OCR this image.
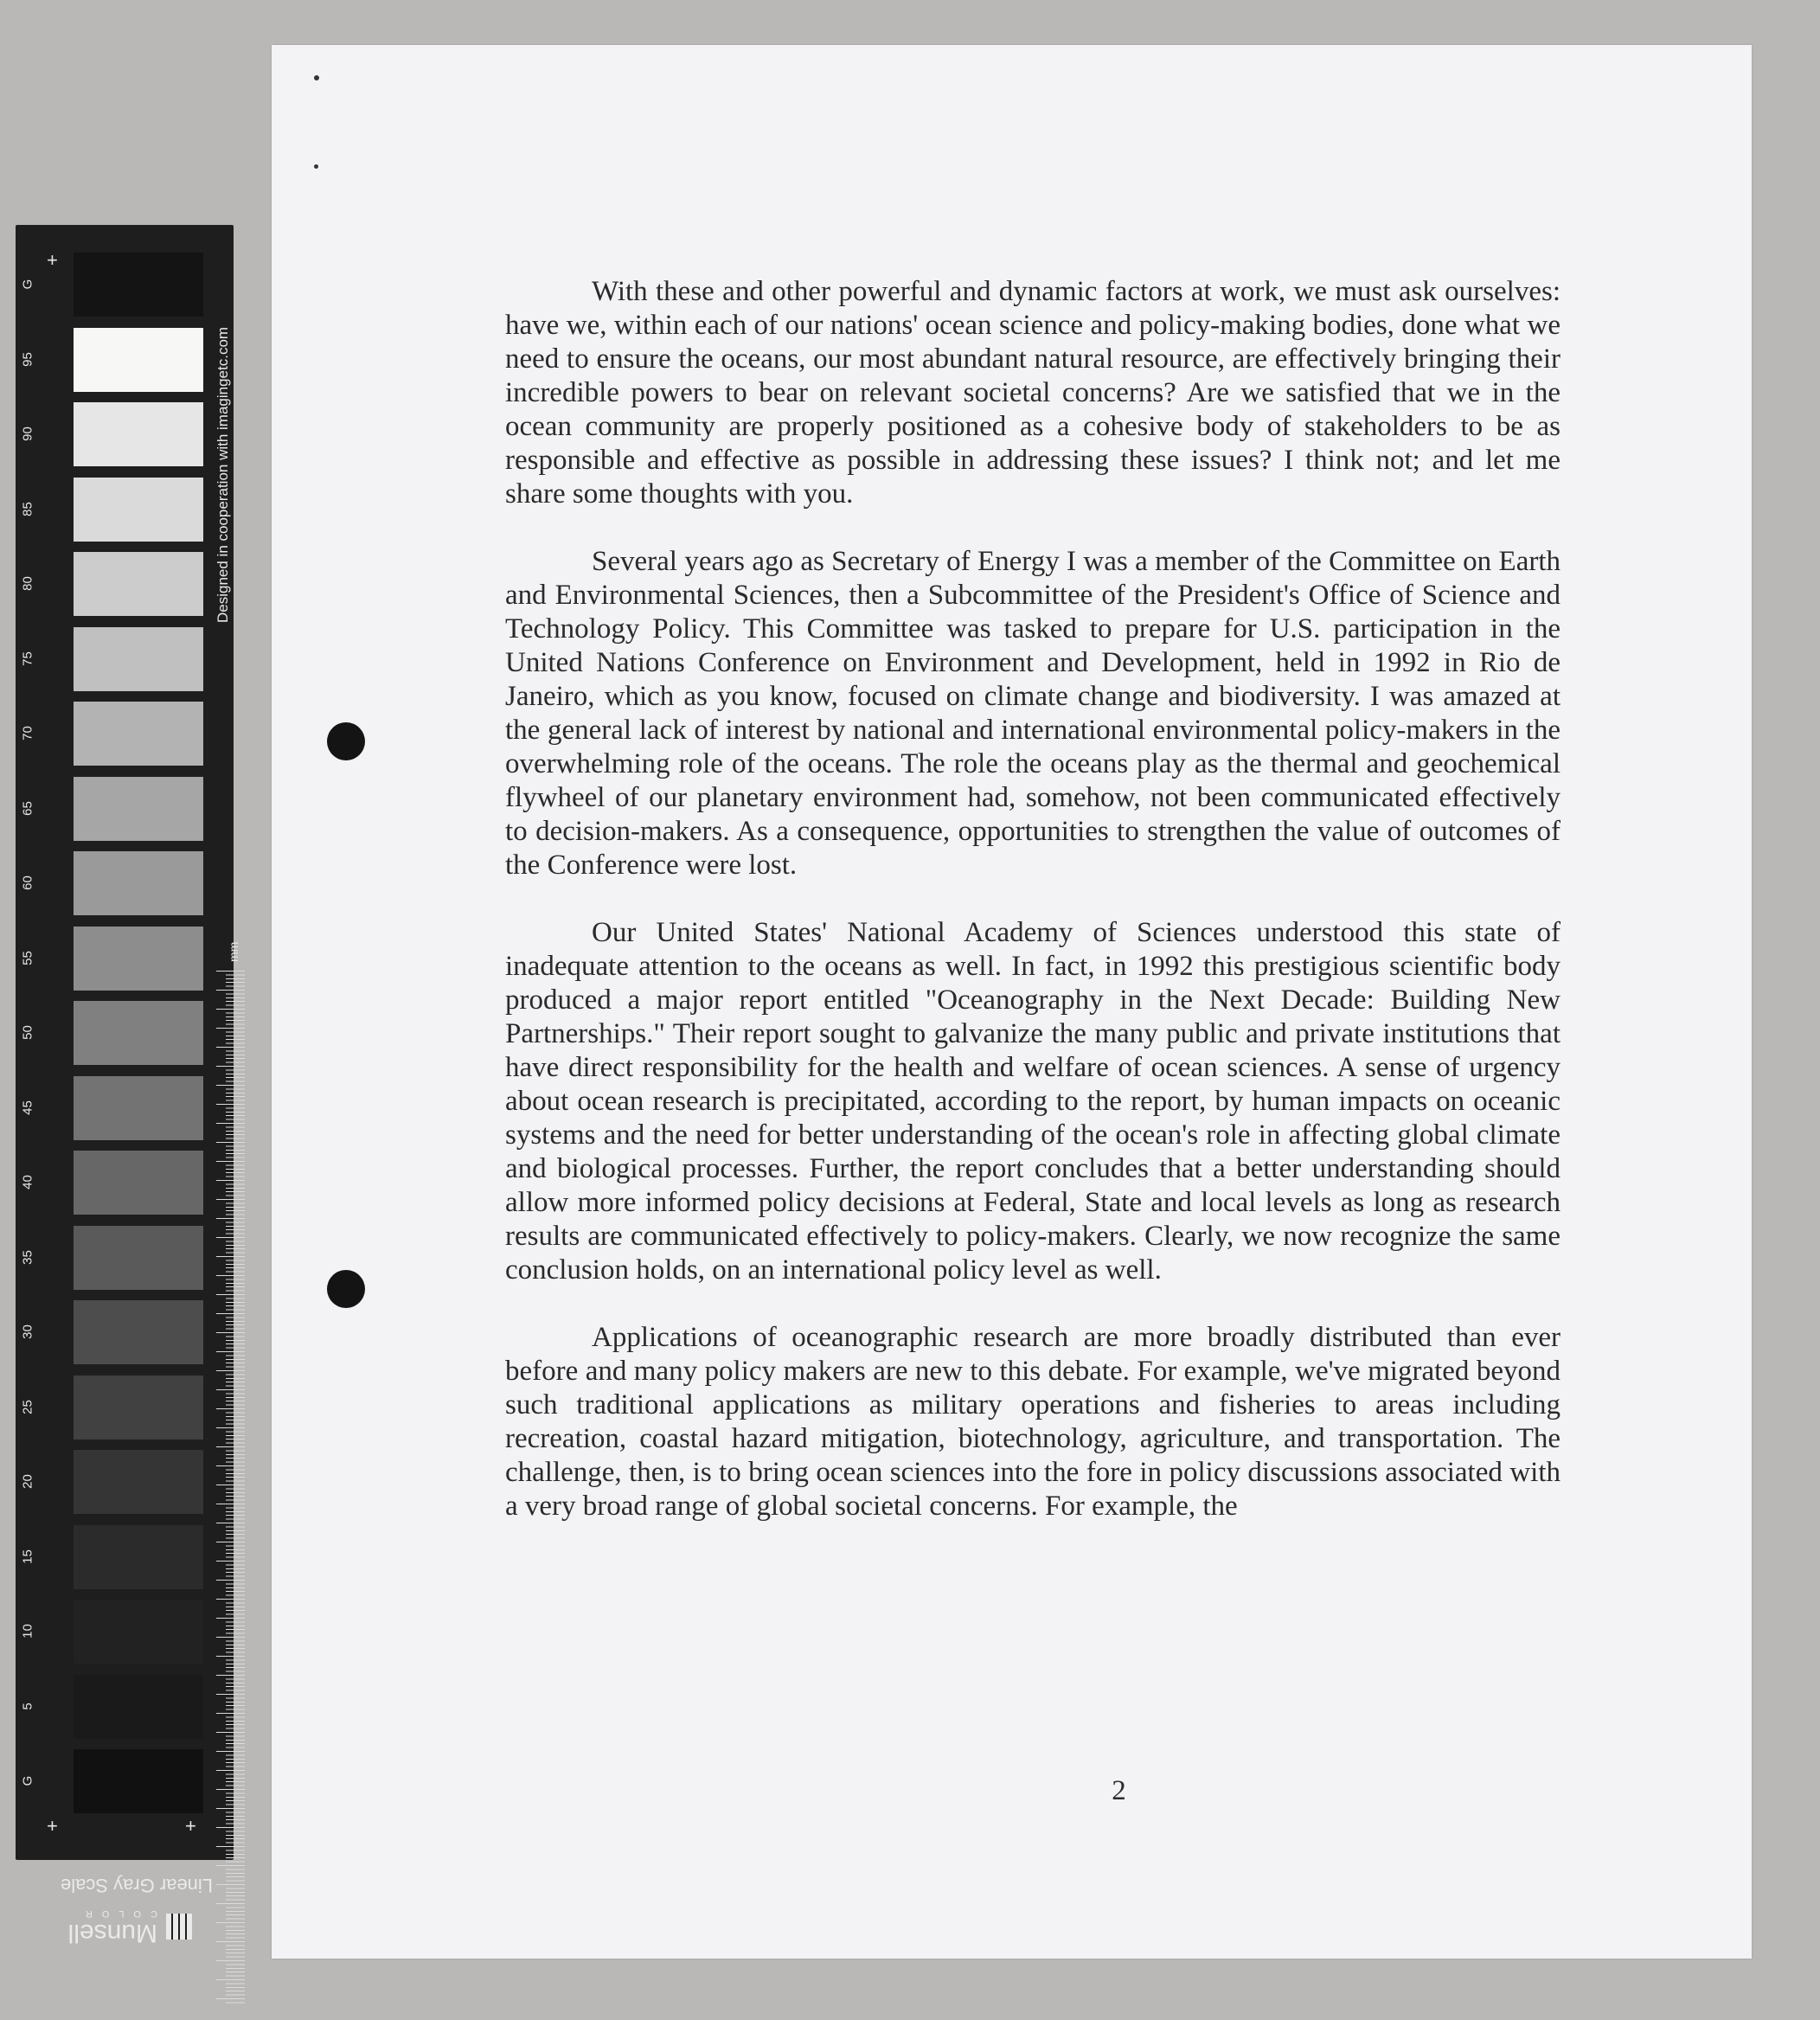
+
G
95
90
85
80
75
70
65
60
55
50
45
40
35
30
25
20
15
10
5
G
+	+
Designed in cooperation with imagingetc.com
mm
Linear Gray Scale
Munsell
COLOR

With these and other powerful and dynamic factors at work, we must ask ourselves: have we, within each of our nations' ocean science and policy-making bodies, done what we need to ensure the oceans, our most abundant natural resource, are effectively bringing their incredible powers to bear on relevant societal concerns? Are we satisfied that we in the ocean community are properly positioned as a cohesive body of stakeholders to be as responsible and effective as possible in addressing these issues? I think not; and let me share some thoughts with you.

Several years ago as Secretary of Energy I was a member of the Committee on Earth and Environmental Sciences, then a Subcommittee of the President's Office of Science and Technology Policy. This Committee was tasked to prepare for U.S. participation in the United Nations Conference on Environment and Development, held in 1992 in Rio de Janeiro, which as you know, focused on climate change and biodiversity. I was amazed at the general lack of interest by national and international environmental policy-makers in the overwhelming role of the oceans. The role the oceans play as the thermal and geochemical flywheel of our planetary environment had, somehow, not been communicated effectively to decision-makers. As a consequence, opportunities to strengthen the value of outcomes of the Conference were lost.

Our United States' National Academy of Sciences understood this state of inadequate attention to the oceans as well. In fact, in 1992 this prestigious scientific body produced a major report entitled "Oceanography in the Next Decade: Building New Partnerships." Their report sought to galvanize the many public and private institutions that have direct responsibility for the health and welfare of ocean sciences. A sense of urgency about ocean research is precipitated, according to the report, by human impacts on oceanic systems and the need for better understanding of the ocean's role in affecting global climate and biological processes. Further, the report concludes that a better understanding should allow more informed policy decisions at Federal, State and local levels as long as research results are communicated effectively to policy-makers. Clearly, we now recognize the same conclusion holds, on an international policy level as well.

Applications of oceanographic research are more broadly distributed than ever before and many policy makers are new to this debate. For example, we've migrated beyond such traditional applications as military operations and fisheries to areas including recreation, coastal hazard mitigation, biotechnology, agriculture, and transportation. The challenge, then, is to bring ocean sciences into the fore in policy discussions associated with a very broad range of global societal concerns. For example, the

2
